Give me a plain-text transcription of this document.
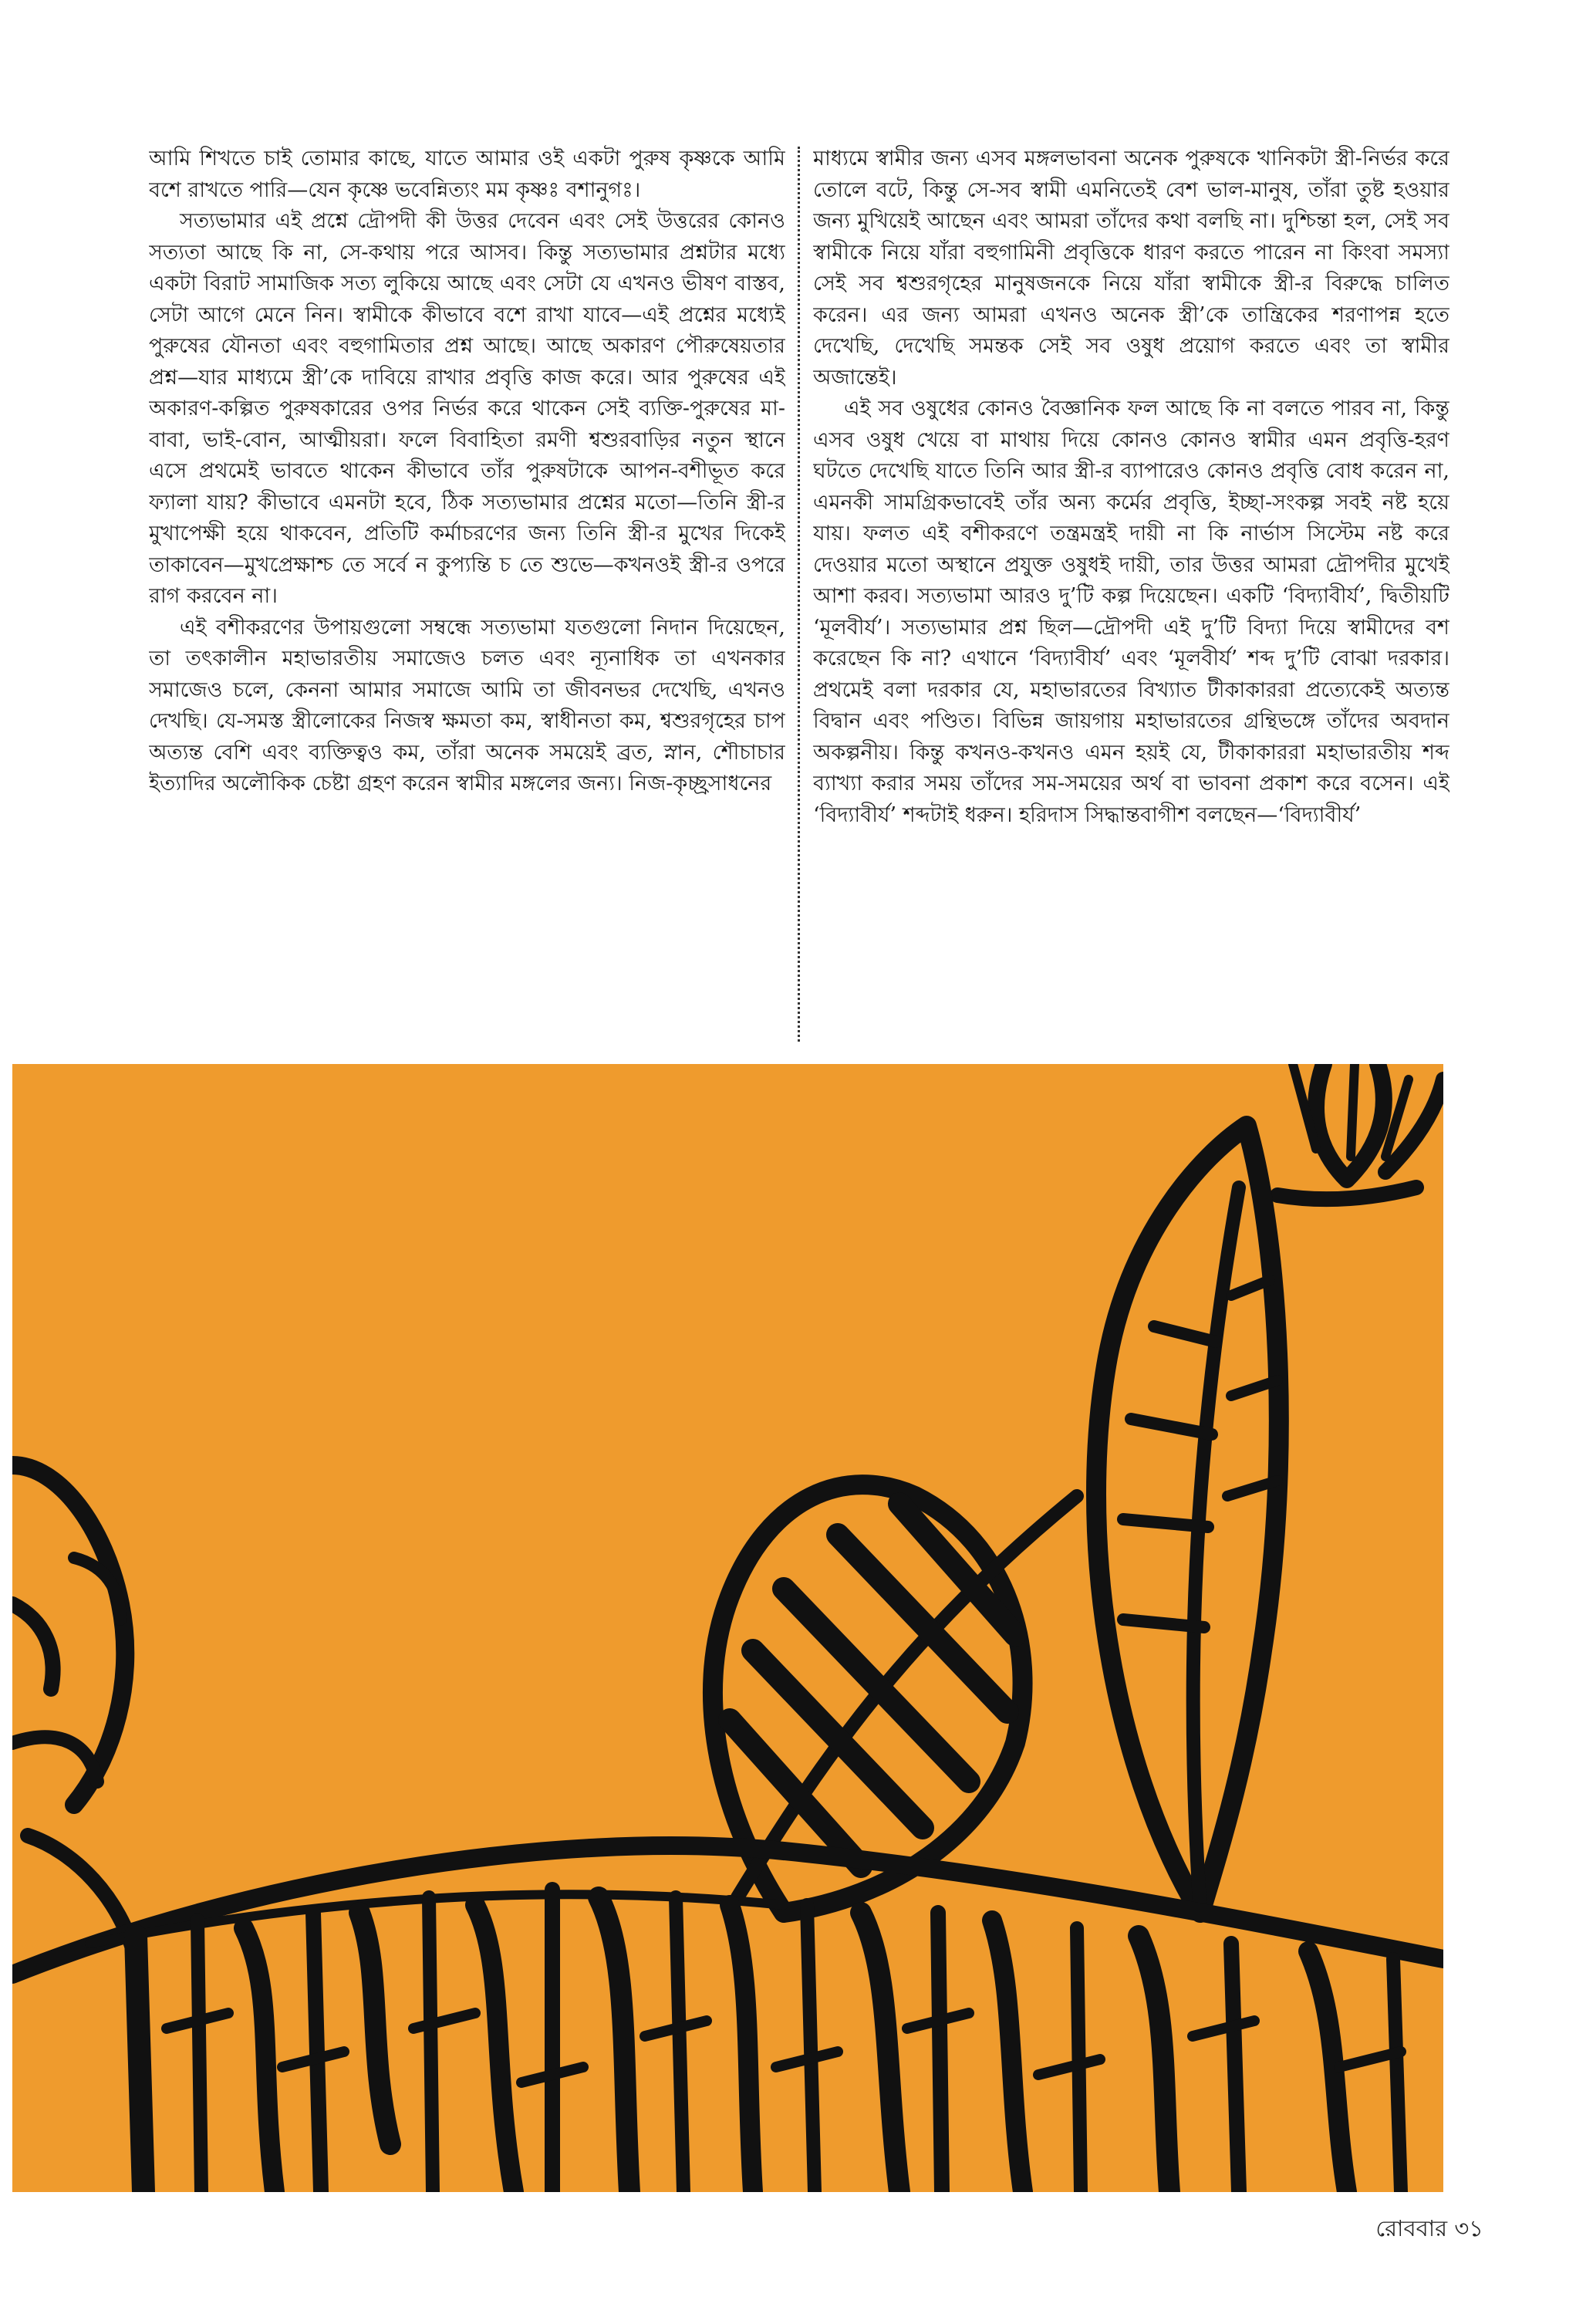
আমি শিখতে চাই তোমার কাছে, যাতে আমার ওই একটা পুরুষ কৃষ্ণকে আমি বশে রাখতে পারি—যেন কৃষ্ণে ভবেন্নিত্যং মম কৃষ্ণঃ বশানুগঃ।

সত্যভামার এই প্রশ্নে দ্রৌপদী কী উত্তর দেবেন এবং সেই উত্তরের কোনও সত্যতা আছে কি না, সে-কথায় পরে আসব। কিন্তু সত্যভামার প্রশ্নটার মধ্যে একটা বিরাট সামাজিক সত্য লুকিয়ে আছে এবং সেটা যে এখনও ভীষণ বাস্তব, সেটা আগে মেনে নিন। স্বামীকে কীভাবে বশে রাখা যাবে—এই প্রশ্নের মধ্যেই পুরুষের যৌনতা এবং বহুগামিতার প্রশ্ন আছে। আছে অকারণ পৌরুষেয়তার প্রশ্ন—যার মাধ্যমে স্ত্রী’কে দাবিয়ে রাখার প্রবৃত্তি কাজ করে। আর পুরুষের এই অকারণ-কল্পিত পুরুষকারের ওপর নির্ভর করে থাকেন সেই ব্যক্তি-পুরুষের মা-বাবা, ভাই-বোন, আত্মীয়রা। ফলে বিবাহিতা রমণী শ্বশুরবাড়ির নতুন স্থানে এসে প্রথমেই ভাবতে থাকেন কীভাবে তাঁর পুরুষটাকে আপন-বশীভূত করে ফ্যালা যায়? কীভাবে এমনটা হবে, ঠিক সত্যভামার প্রশ্নের মতো—তিনি স্ত্রী-র মুখাপেক্ষী হয়ে থাকবেন, প্রতিটি কর্মাচরণের জন্য তিনি স্ত্রী-র মুখের দিকেই তাকাবেন—মুখপ্রেক্ষাশ্চ তে সর্বে ন কুপ্যন্তি চ তে শুভে—কখনওই স্ত্রী-র ওপরে রাগ করবেন না।

এই বশীকরণের উপায়গুলো সম্বন্ধে সত্যভামা যতগুলো নিদান দিয়েছেন, তা তৎকালীন মহাভারতীয় সমাজেও চলত এবং ন্যূনাধিক তা এখনকার সমাজেও চলে, কেননা আমার সমাজে আমি তা জীবনভর দেখেছি, এখনও দেখছি। যে-সমস্ত স্ত্রীলোকের নিজস্ব ক্ষমতা কম, স্বাধীনতা কম, শ্বশুরগৃহের চাপ অত্যন্ত বেশি এবং ব্যক্তিত্বও কম, তাঁরা অনেক সময়েই ব্রত, স্নান, শৌচাচার ইত্যাদির অলৌকিক চেষ্টা গ্রহণ করেন স্বামীর মঙ্গলের জন্য। নিজ-কৃচ্ছ্রসাধনের

মাধ্যমে স্বামীর জন্য এসব মঙ্গলভাবনা অনেক পুরুষকে খানিকটা স্ত্রী-নির্ভর করে তোলে বটে, কিন্তু সে-সব স্বামী এমনিতেই বেশ ভাল-মানুষ, তাঁরা তুষ্ট হওয়ার জন্য মুখিয়েই আছেন এবং আমরা তাঁদের কথা বলছি না। দুশ্চিন্তা হল, সেই সব স্বামীকে নিয়ে যাঁরা বহুগামিনী প্রবৃত্তিকে ধারণ করতে পারেন না কিংবা সমস্যা সেই সব শ্বশুরগৃহের মানুষজনকে নিয়ে যাঁরা স্বামীকে স্ত্রী-র বিরুদ্ধে চালিত করেন। এর জন্য আমরা এখনও অনেক স্ত্রী’কে তান্ত্রিকের শরণাপন্ন হতে দেখেছি, দেখেছি সমন্তক সেই সব ওষুধ প্রয়োগ করতে এবং তা স্বামীর অজান্তেই।

এই সব ওষুধের কোনও বৈজ্ঞানিক ফল আছে কি না বলতে পারব না, কিন্তু এসব ওষুধ খেয়ে বা মাথায় দিয়ে কোনও কোনও স্বামীর এমন প্রবৃত্তি-হরণ ঘটতে দেখেছি যাতে তিনি আর স্ত্রী-র ব্যাপারেও কোনও প্রবৃত্তি বোধ করেন না, এমনকী সামগ্রিকভাবেই তাঁর অন্য কর্মের প্রবৃত্তি, ইচ্ছা-সংকল্প সবই নষ্ট হয়ে যায়। ফলত এই বশীকরণে তন্ত্রমন্ত্রই দায়ী না কি নার্ভাস সিস্টেম নষ্ট করে দেওয়ার মতো অস্থানে প্রযুক্ত ওষুধই দায়ী, তার উত্তর আমরা দ্রৌপদীর মুখেই আশা করব। সত্যভামা আরও দু’টি কল্প দিয়েছেন। একটি ‘বিদ্যাবীর্য’, দ্বিতীয়টি ‘মূলবীর্য’। সত্যভামার প্রশ্ন ছিল—দ্রৌপদী এই দু’টি বিদ্যা দিয়ে স্বামীদের বশ করেছেন কি না? এখানে ‘বিদ্যাবীর্য’ এবং ‘মূলবীর্য’ শব্দ দু’টি বোঝা দরকার। প্রথমেই বলা দরকার যে, মহাভারতের বিখ্যাত টীকাকাররা প্রত্যেকেই অত্যন্ত বিদ্বান এবং পণ্ডিত। বিভিন্ন জায়গায় মহাভারতের গ্রন্থিভঙ্গে তাঁদের অবদান অকল্পনীয়। কিন্তু কখনও-কখনও এমন হয়ই যে, টীকাকাররা মহাভারতীয় শব্দ ব্যাখ্যা করার সময় তাঁদের সম-সময়ের অর্থ বা ভাবনা প্রকাশ করে বসেন। এই ‘বিদ্যাবীর্য’ শব্দটাই ধরুন। হরিদাস সিদ্ধান্তবাগীশ বলছেন—‘বিদ্যাবীর্য’

রোববার ৩১
